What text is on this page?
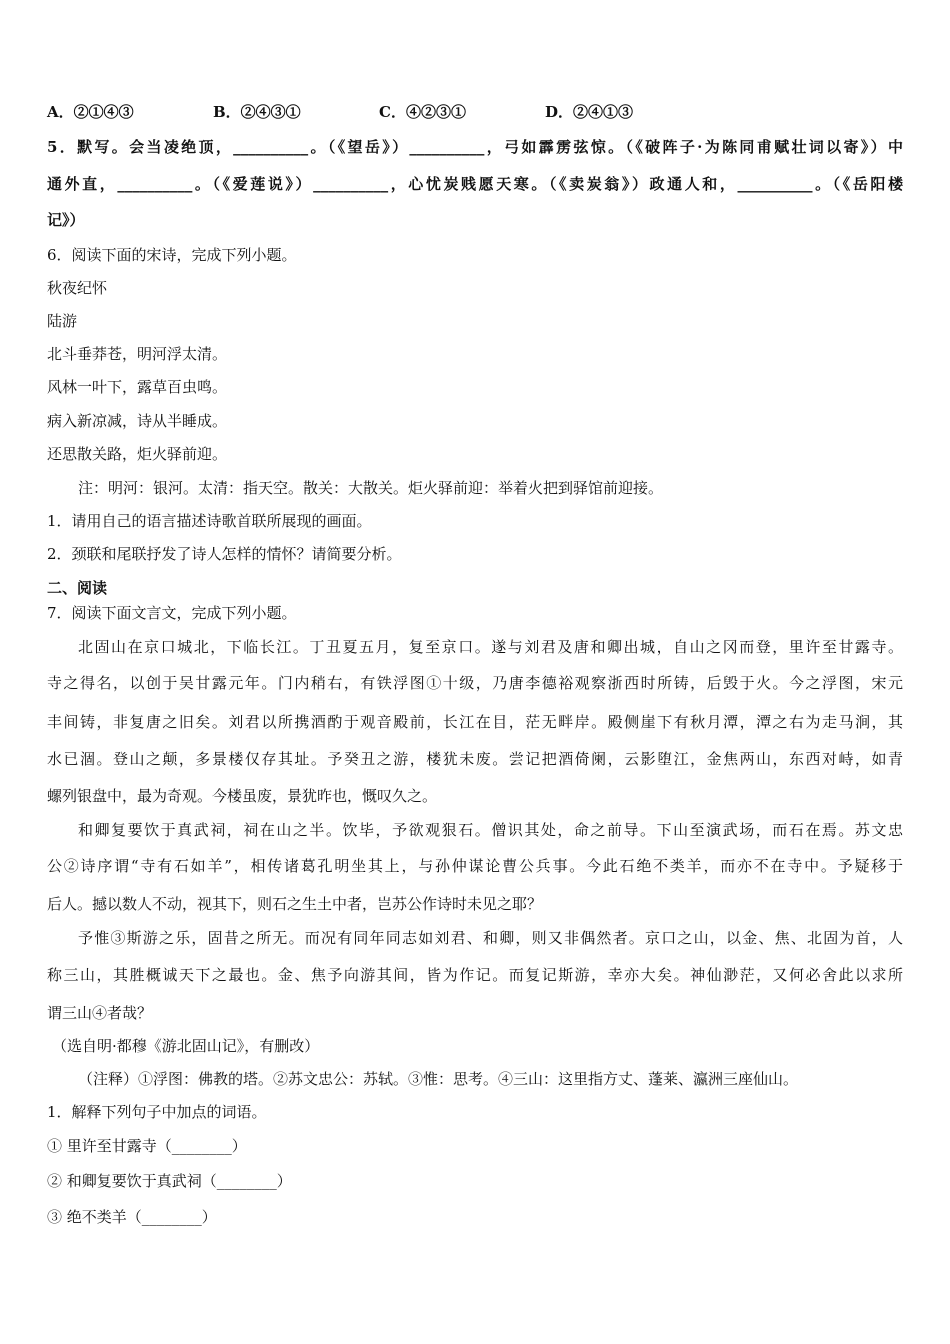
A．②①④③	B．②④③①	C．④②③①	D．②④①③
5．默写。会当凌绝顶，__________。（《望岳》）__________，弓如霹雳弦惊。（《破阵子·为陈同甫赋壮词以寄》）中
通外直，__________。（《爱莲说》）__________，心忧炭贱愿天寒。（《卖炭翁》）政通人和，__________。（《岳阳楼
记》）
6．阅读下面的宋诗，完成下列小题。
秋夜纪怀
陆游
北斗垂莽苍，明河浮太清。
风林一叶下，露草百虫鸣。
病入新凉减，诗从半睡成。
还思散关路，炬火驿前迎。
注：明河：银河。太清：指天空。散关：大散关。炬火驿前迎：举着火把到驿馆前迎接。
1．请用自己的语言描述诗歌首联所展现的画面。
2．颈联和尾联抒发了诗人怎样的情怀？请简要分析。
二、阅读
7．阅读下面文言文，完成下列小题。
北固山在京口城北，下临长江。丁丑夏五月，复至京口。遂与刘君及唐和卿出城，自山之冈而登，里许至甘露寺。
寺之得名，以创于吴甘露元年。门内稍右，有铁浮图①十级，乃唐李德裕观察浙西时所铸，后毁于火。今之浮图，宋元
丰间铸，非复唐之旧矣。刘君以所携酒酌于观音殿前，长江在目，茫无畔岸。殿侧崖下有秋月潭，潭之右为走马涧，其
水已涸。登山之颠，多景楼仅存其址。予癸丑之游，楼犹未废。尝记把酒倚阑，云影堕江，金焦两山，东西对峙，如青
螺列银盘中，最为奇观。今楼虽废，景犹昨也，慨叹久之。
和卿复要饮于真武祠，祠在山之半。饮毕，予欲观狠石。僧识其处，命之前导。下山至演武场，而石在焉。苏文忠
公②诗序谓“寺有石如羊”，相传诸葛孔明坐其上，与孙仲谋论曹公兵事。今此石绝不类羊，而亦不在寺中。予疑移于
后人。撼以数人不动，视其下，则石之生土中者，岂苏公作诗时未见之耶？
予惟③斯游之乐，固昔之所无。而况有同年同志如刘君、和卿，则又非偶然者。京口之山，以金、焦、北固为首，人
称三山，其胜概诚天下之最也。金、焦予向游其间，皆为作记。而复记斯游，幸亦大矣。神仙渺茫，又何必舍此以求所
谓三山④者哉？
（选自明·都穆《游北固山记》，有删改）
（注释）①浮图：佛教的塔。②苏文忠公：苏轼。③惟：思考。④三山：这里指方丈、蓬莱、瀛洲三座仙山。
1．解释下列句子中加点的词语。
① 里许至甘露寺（________）
② 和卿复要饮于真武祠（________）
③ 绝不类羊（________）
